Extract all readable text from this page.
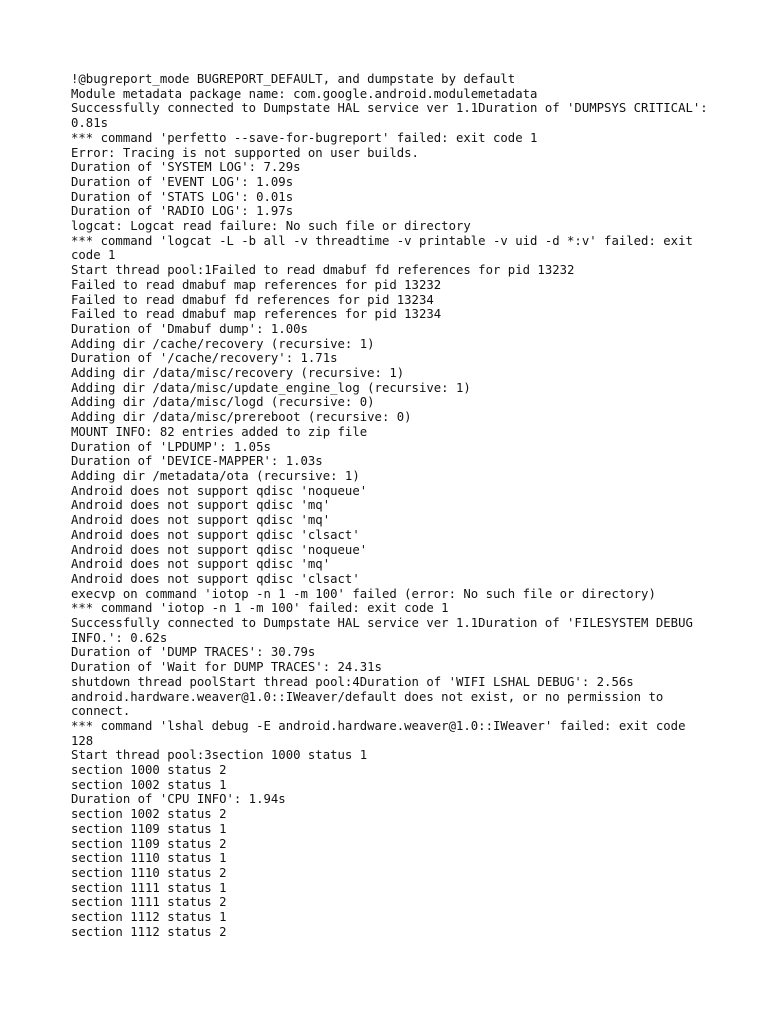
!@bugreport_mode BUGREPORT_DEFAULT, and dumpstate by default
Module metadata package name: com.google.android.modulemetadata
Successfully connected to Dumpstate HAL service ver 1.1Duration of 'DUMPSYS CRITICAL': 0.81s
*** command 'perfetto --save-for-bugreport' failed: exit code 1
Error: Tracing is not supported on user builds.
Duration of 'SYSTEM LOG': 7.29s
Duration of 'EVENT LOG': 1.09s
Duration of 'STATS LOG': 0.01s
Duration of 'RADIO LOG': 1.97s
logcat: Logcat read failure: No such file or directory
*** command 'logcat -L -b all -v threadtime -v printable -v uid -d *:v' failed: exit code 1
Start thread pool:1Failed to read dmabuf fd references for pid 13232
Failed to read dmabuf map references for pid 13232
Failed to read dmabuf fd references for pid 13234
Failed to read dmabuf map references for pid 13234
Duration of 'Dmabuf dump': 1.00s
Adding dir /cache/recovery (recursive: 1)
Duration of '/cache/recovery': 1.71s
Adding dir /data/misc/recovery (recursive: 1)
Adding dir /data/misc/update_engine_log (recursive: 1)
Adding dir /data/misc/logd (recursive: 0)
Adding dir /data/misc/prereboot (recursive: 0)
MOUNT INFO: 82 entries added to zip file
Duration of 'LPDUMP': 1.05s
Duration of 'DEVICE-MAPPER': 1.03s
Adding dir /metadata/ota (recursive: 1)
Android does not support qdisc 'noqueue'
Android does not support qdisc 'mq'
Android does not support qdisc 'mq'
Android does not support qdisc 'clsact'
Android does not support qdisc 'noqueue'
Android does not support qdisc 'mq'
Android does not support qdisc 'clsact'
execvp on command 'iotop -n 1 -m 100' failed (error: No such file or directory)
*** command 'iotop -n 1 -m 100' failed: exit code 1
Successfully connected to Dumpstate HAL service ver 1.1Duration of 'FILESYSTEM DEBUG INFO.': 0.62s
Duration of 'DUMP TRACES': 30.79s
Duration of 'Wait for DUMP TRACES': 24.31s
shutdown thread poolStart thread pool:4Duration of 'WIFI LSHAL DEBUG': 2.56s
android.hardware.weaver@1.0::IWeaver/default does not exist, or no permission to connect.
*** command 'lshal debug -E android.hardware.weaver@1.0::IWeaver' failed: exit code 128
Start thread pool:3section 1000 status 1
section 1000 status 2
section 1002 status 1
Duration of 'CPU INFO': 1.94s
section 1002 status 2
section 1109 status 1
section 1109 status 2
section 1110 status 1
section 1110 status 2
section 1111 status 1
section 1111 status 2
section 1112 status 1
section 1112 status 2
